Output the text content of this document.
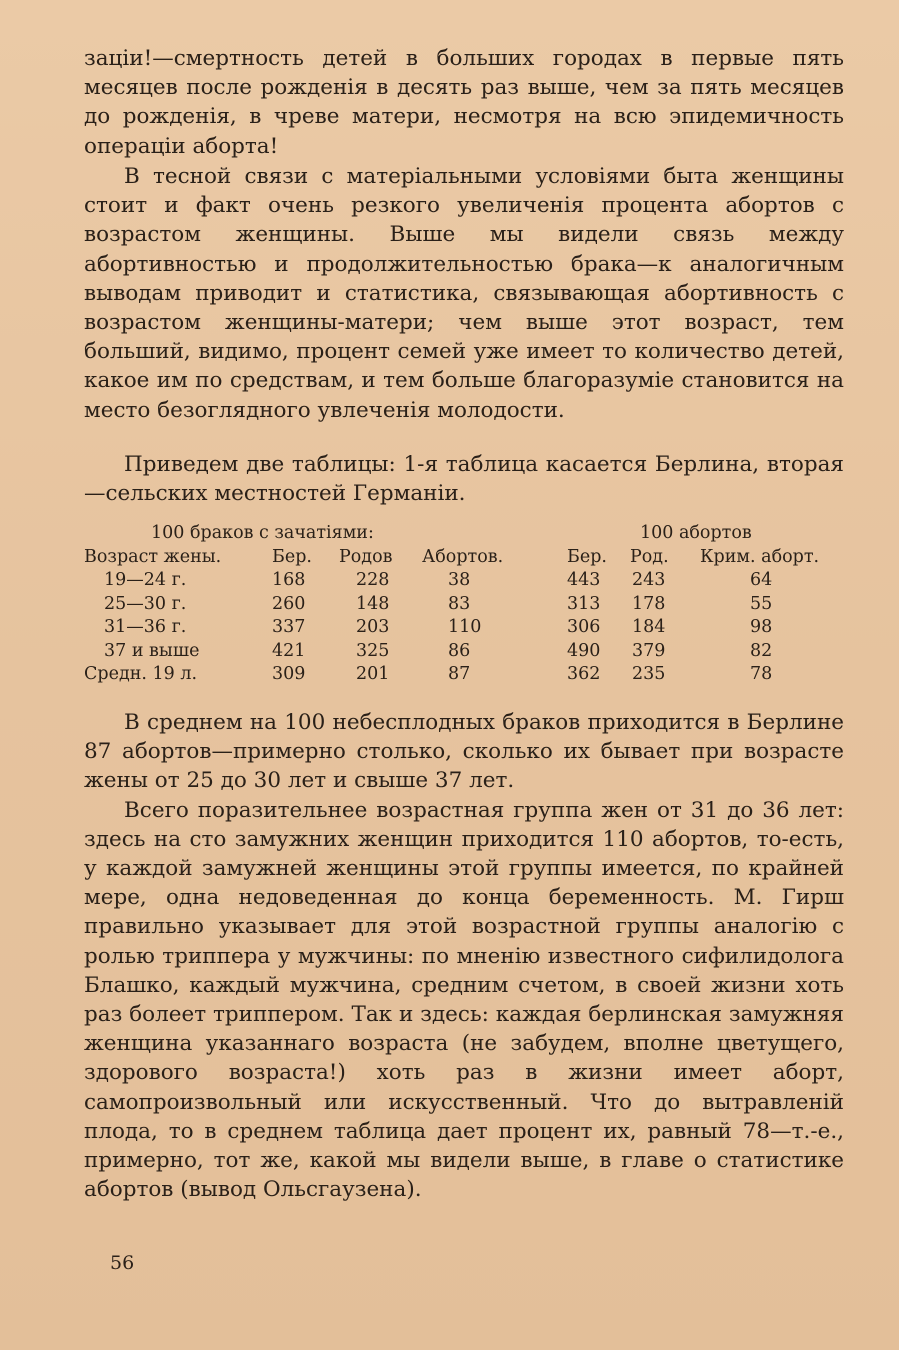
заціи!—смертность детей в больших городах в первые пять месяцев после рожденія в десять раз выше, чем за пять месяцев до рожденія, в чреве матери, несмотря на всю эпидемичность операціи аборта!

В тесной связи с матеріальными условіями быта женщины стоит и факт очень резкого увеличенія процента абортов с возрастом женщины. Выше мы видели связь между абортивностью и продолжительностью брака—к аналогичным выводам приводит и статистика, связывающая абортивность с возрастом женщины-матери; чем выше этот возраст, тем больший, видимо, процент семей уже имеет то количество детей, какое им по средствам, и тем больше благоразуміе становится на место безоглядного увлеченія молодости.

Приведем две таблицы: 1-я таблица касается Берлина, вторая—сельских местностей Германіи.

100 браков с зачатіями:	100 абортов
Возраст жены.	Бер. Родов Абортов.	Бер. Род. Крим. аборт.
19—24 г.	168	228	38	443 243	64
25—30 г.	260	148	83	313 178	55
31—36 г.	337	203	110	306 184	98
37 и выше	421	325	86	490 379	82
Средн. 19 л.	309	201	87	362 235	78

В среднем на 100 небесплодных браков приходится в Берлине 87 абортов—примерно столько, сколько их бывает при возрасте жены от 25 до 30 лет и свыше 37 лет.

Всего поразительнее возрастная группа жен от 31 до 36 лет: здесь на сто замужних женщин приходится 110 абортов, то-есть, у каждой замужней женщины этой группы имеется, по крайней мере, одна недоведенная до конца беременность. М. Гирш правильно указывает для этой возрастной группы аналогію с ролью триппера у мужчины: по мненію известного сифилидолога Блашко, каждый мужчина, средним счетом, в своей жизни хоть раз болеет триппером. Так и здесь: каждая берлинская замужняя женщина указаннаго возраста (не забудем, вполне цветущего, здорового возраста!) хоть раз в жизни имеет аборт, самопроизвольный или искусственный. Что до вытравленій плода, то в среднем таблица дает процент их, равный 78—т.-е., примерно, тот же, какой мы видели выше, в главе о статистике абортов (вывод Ольсгаузена).

56
